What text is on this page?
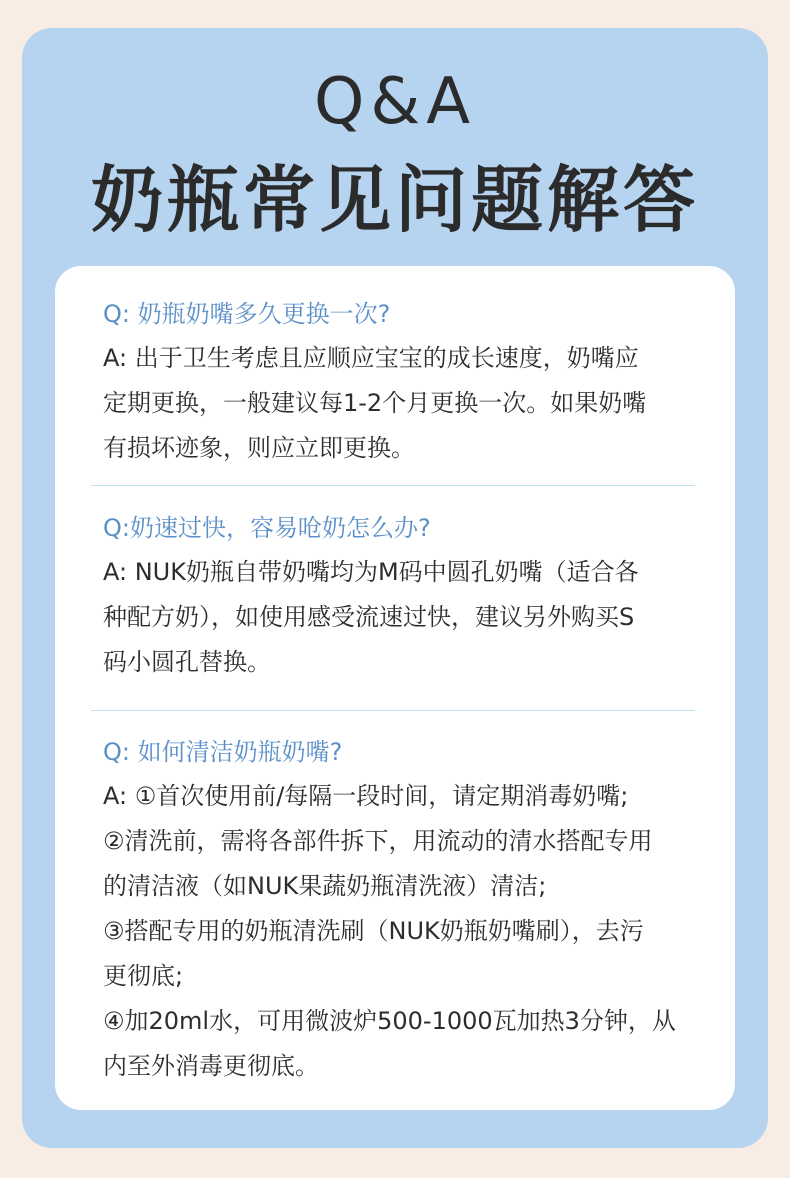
Q&A
奶瓶常见问题解答
Q: 奶瓶奶嘴多久更换一次?
A: 出于卫生考虑且应顺应宝宝的成长速度，奶嘴应
定期更换，一般建议每1-2个月更换一次。如果奶嘴
有损坏迹象，则应立即更换。
Q:奶速过快，容易呛奶怎么办?
A: NUK奶瓶自带奶嘴均为M码中圆孔奶嘴（适合各
种配方奶），如使用感受流速过快，建议另外购买S
码小圆孔替换。
Q: 如何清洁奶瓶奶嘴?
A: ①首次使用前/每隔一段时间，请定期消毒奶嘴;
②清洗前，需将各部件拆下，用流动的清水搭配专用
的清洁液（如NUK果蔬奶瓶清洗液）清洁;
③搭配专用的奶瓶清洗刷（NUK奶瓶奶嘴刷），去污
更彻底;
④加20ml水，可用微波炉500-1000瓦加热3分钟，从
内至外消毒更彻底。
